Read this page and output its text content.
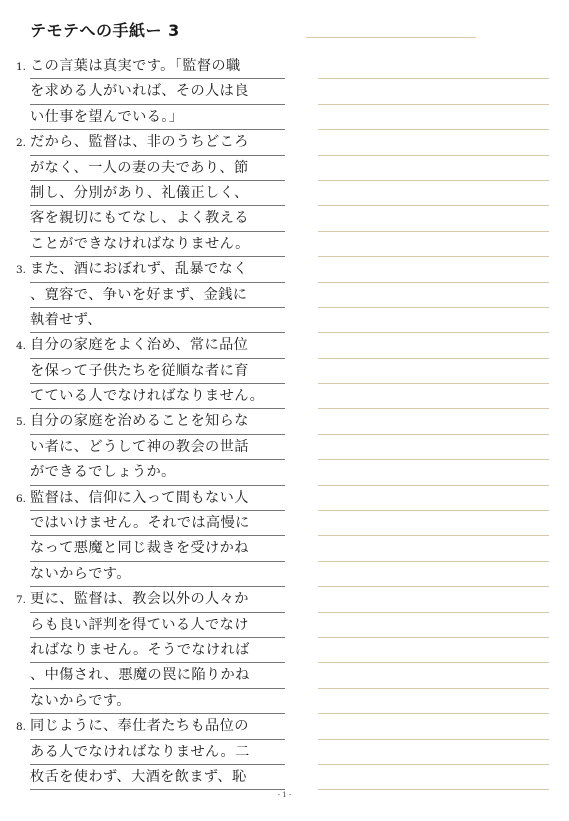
テモテへの手紙ー 3
1. この言葉は真実です。「監督の職
を求める人がいれば、その人は良
い仕事を望んでいる。」
2. だから、監督は、非のうちどころ
がなく、一人の妻の夫であり、節
制し、分別があり、礼儀正しく、
客を親切にもてなし、よく教える
ことができなければなりません。
3. また、酒におぼれず、乱暴でなく
、寛容で、争いを好まず、金銭に
執着せず、
4. 自分の家庭をよく治め、常に品位
を保って子供たちを従順な者に育
てている人でなければなりません。
5. 自分の家庭を治めることを知らな
い者に、どうして神の教会の世話
ができるでしょうか。
6. 監督は、信仰に入って間もない人
ではいけません。それでは高慢に
なって悪魔と同じ裁きを受けかね
ないからです。
7. 更に、監督は、教会以外の人々か
らも良い評判を得ている人でなけ
ればなりません。そうでなければ
、中傷され、悪魔の罠に陥りかね
ないからです。
8. 同じように、奉仕者たちも品位の
ある人でなければなりません。二
枚舌を使わず、大酒を飲まず、恥
- 1 -
